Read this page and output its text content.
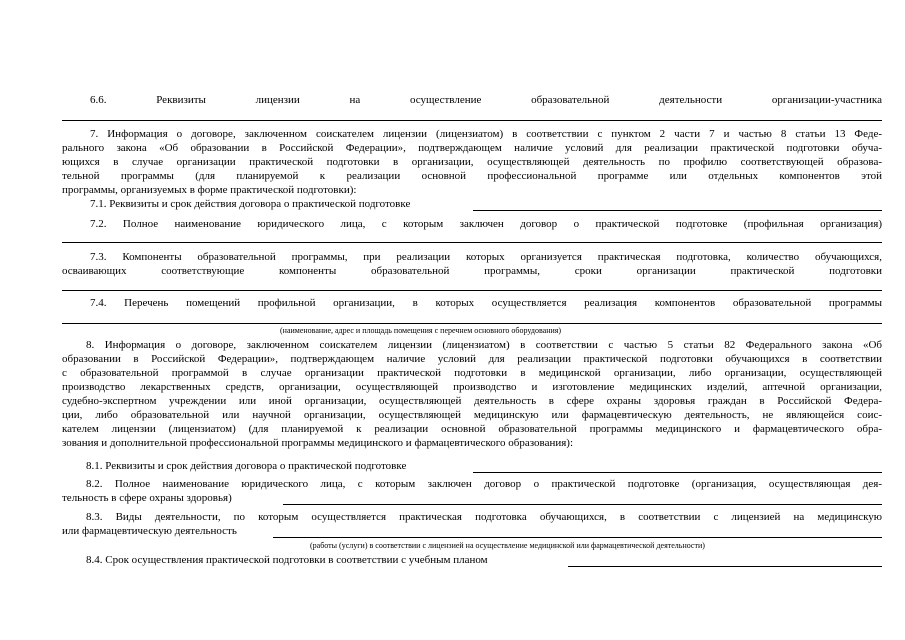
6.6. Реквизиты лицензии на осуществление образовательной деятельности организации-участника
7. Информация о договоре, заключенном соискателем лицензии (лицензиатом) в соответствии с пунктом 2 части 7 и частью 8 статьи 13 Феде-
рального закона «Об образовании в Российской Федерации», подтверждающем наличие условий для реализации практической подготовки обуча-
ющихся в случае организации практической подготовки в организации, осуществляющей деятельность по профилю соответствующей образова-
тельной программы (для планируемой к реализации основной профессиональной программе или отдельных компонентов этой
программы, организуемых в форме практической подготовки):
7.1. Реквизиты и срок действия договора о практической подготовке
7.2. Полное наименование юридического лица, с которым заключен договор о практической подготовке (профильная организация)
7.3. Компоненты образовательной программы, при реализации которых организуется практическая подготовка, количество обучающихся,
осваивающих соответствующие компоненты образовательной программы, сроки организации практической подготовки
7.4. Перечень помещений профильной организации, в которых осуществляется реализация компонентов образовательной программы
(наименование, адрес и площадь помещения с перечнем основного оборудования)
8. Информация о договоре, заключенном соискателем лицензии (лицензиатом) в соответствии с частью 5 статьи 82 Федерального закона «Об
образовании в Российской Федерации», подтверждающем наличие условий для реализации практической подготовки обучающихся в соответствии
с образовательной программой в случае организации практической подготовки в медицинской организации, либо организации, осуществляющей
производство лекарственных средств, организации, осуществляющей производство и изготовление медицинских изделий, аптечной организации,
судебно-экспертном учреждении или иной организации, осуществляющей деятельность в сфере охраны здоровья граждан в Российской Федера-
ции, либо образовательной или научной организации, осуществляющей медицинскую или фармацевтическую деятельность, не являющейся соис-
кателем лицензии (лицензиатом) (для планируемой к реализации основной образовательной программы медицинского и фармацевтического обра-
зования и дополнительной профессиональной программы медицинского и фармацевтического образования):
8.1. Реквизиты и срок действия договора о практической подготовке
8.2. Полное наименование юридического лица, с которым заключен договор о практической подготовке (организация, осуществляющая дея-
тельность в сфере охраны здоровья)
8.3. Виды деятельности, по которым осуществляется практическая подготовка обучающихся, в соответствии с лицензией на медицинскую
или фармацевтическую деятельность
(работы (услуги) в соответствии с лицензией на осуществление медицинской или фармацевтической деятельности)
8.4. Срок осуществления практической подготовки в соответствии с учебным планом
